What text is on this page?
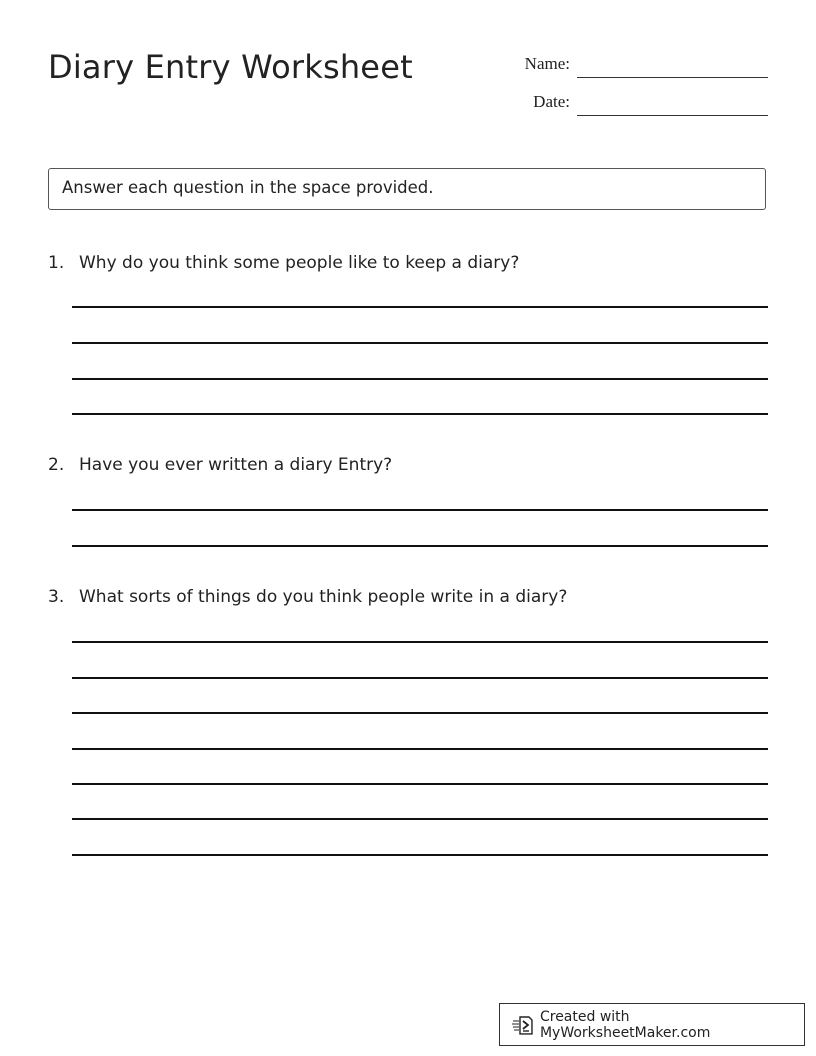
Diary Entry Worksheet	Name:
Date:
Answer each question in the space provided.
1. Why do you think some people like to keep a diary?
2. Have you ever written a diary Entry?
3. What sorts of things do you think people write in a diary?
Created with MyWorksheetMaker.com
